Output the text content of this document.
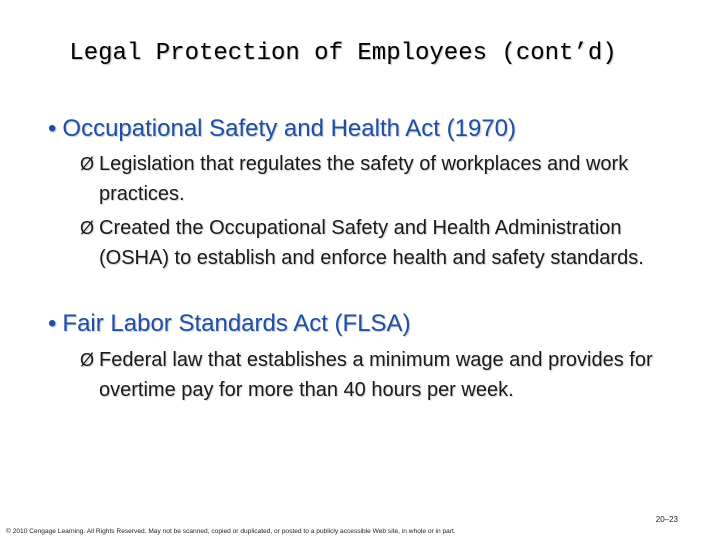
Legal Protection of Employees (cont’d)
• Occupational Safety and Health Act (1970)
Ø Legislation that regulates the safety of workplaces and work practices.
Ø Created the Occupational Safety and Health Administration (OSHA) to establish and enforce health and safety standards.
• Fair Labor Standards Act (FLSA)
Ø Federal law that establishes a minimum wage and provides for overtime pay for more than 40 hours per week.
20–23
© 2010 Cengage Learning. All Rights Reserved. May not be scanned, copied or duplicated, or posted to a publicly accessible Web site, in whole or in part.
